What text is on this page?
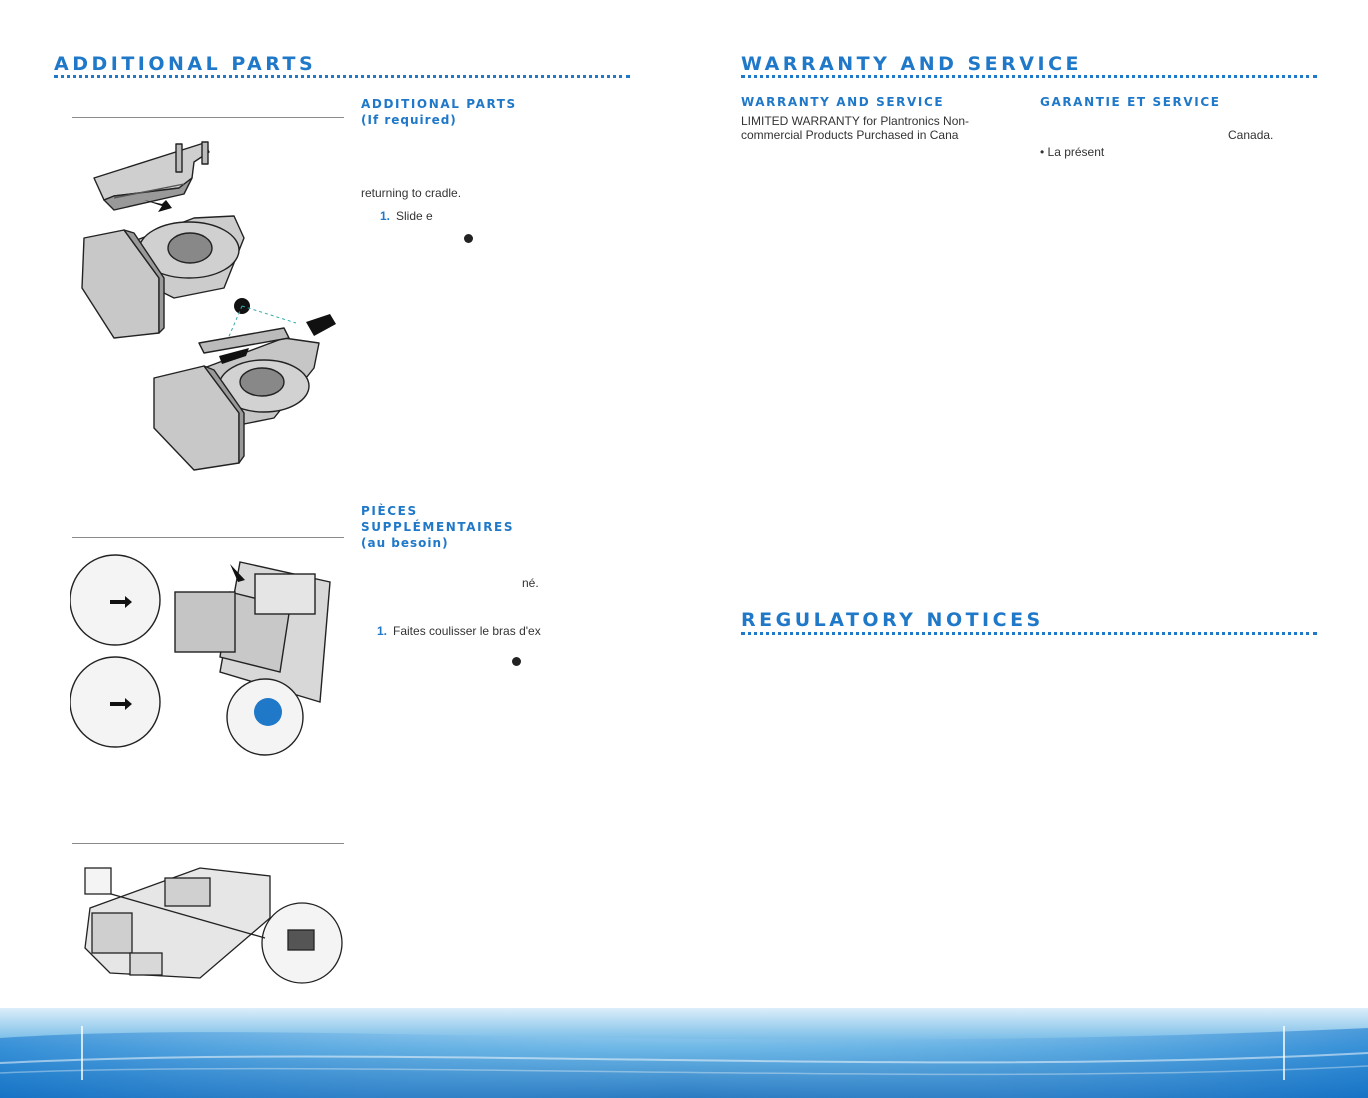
ADDITIONAL PARTS
ADDITIONAL PARTS
(If required)

returning to cradle.

1. Slide e

PIÈCES
SUPPLÉMENTAIRES
(au besoin)

né.

1. Faites coulisser le bras d'ex

WARRANTY AND SERVICE
WARRANTY AND SERVICE

LIMITED WARRANTY for Plantronics Non-

commercial Products Purchased in Cana

GARANTIE ET SERVICE

Canada.

• La présent

REGULATORY NOTICES
